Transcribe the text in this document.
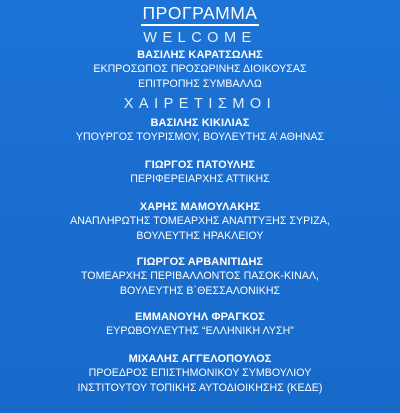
ΠΡΟΓΡΑΜΜΑ
WELCOME
ΒΑΣΙΛΗΣ ΚΑΡΑΤΣΩΛΗΣ
ΕΚΠΡΟΣΩΠΟΣ ΠΡΟΣΩΡΙΝΗΣ ΔΙΟΙΚΟΥΣΑΣ
ΕΠΙΤΡΟΠΗΣ ΣΥΜΒΑΛΛΩ
ΧΑΙΡΕΤΙΣΜΟΙ
ΒΑΣΙΛΗΣ ΚΙΚΙΛΙΑΣ
ΥΠΟΥΡΓΟΣ ΤΟΥΡΙΣΜΟΥ, ΒΟΥΛΕΥΤΗΣ Α’ ΑΘΗΝΑΣ
ΓΙΩΡΓΟΣ ΠΑΤΟΥΛΗΣ
ΠΕΡΙΦΕΡΕΙΑΡΧΗΣ ΑΤΤΙΚΗΣ
ΧΑΡΗΣ ΜΑΜΟΥΛΑΚΗΣ
ΑΝΑΠΛΗΡΩΤΗΣ ΤΟΜΕΑΡΧΗΣ ΑΝΑΠΤΥΞΗΣ ΣΥΡΙΖΑ,
ΒΟΥΛΕΥΤΗΣ ΗΡΑΚΛΕΙΟΥ
ΓΙΩΡΓΟΣ ΑΡΒΑΝΙΤΙΔΗΣ
ΤΟΜΕΑΡΧΗΣ ΠΕΡΙΒΑΛΛΟΝΤΟΣ ΠΑΣΟΚ-ΚΙΝΑΛ,
ΒΟΥΛΕΥΤΗΣ Β΄ΘΕΣΣΑΛΟΝΙΚΗΣ
ΕΜΜΑΝΟΥΗΛ ΦΡΑΓΚΟΣ
ΕΥΡΩΒΟΥΛΕΥΤΗΣ “ΕΛΛΗΝΙΚΗ ΛΥΣΗ”
ΜΙΧΑΛΗΣ ΑΓΓΕΛΟΠΟΥΛΟΣ
ΠΡΟΕΔΡΟΣ ΕΠΙΣΤΗΜΟΝΙΚΟΥ ΣΥΜΒΟΥΛΙΟΥ
ΙΝΣΤΙΤΟΥΤΟΥ ΤΟΠΙΚΗΣ ΑΥΤΟΔΙΟΙΚΗΣΗΣ (ΚΕΔΕ)
